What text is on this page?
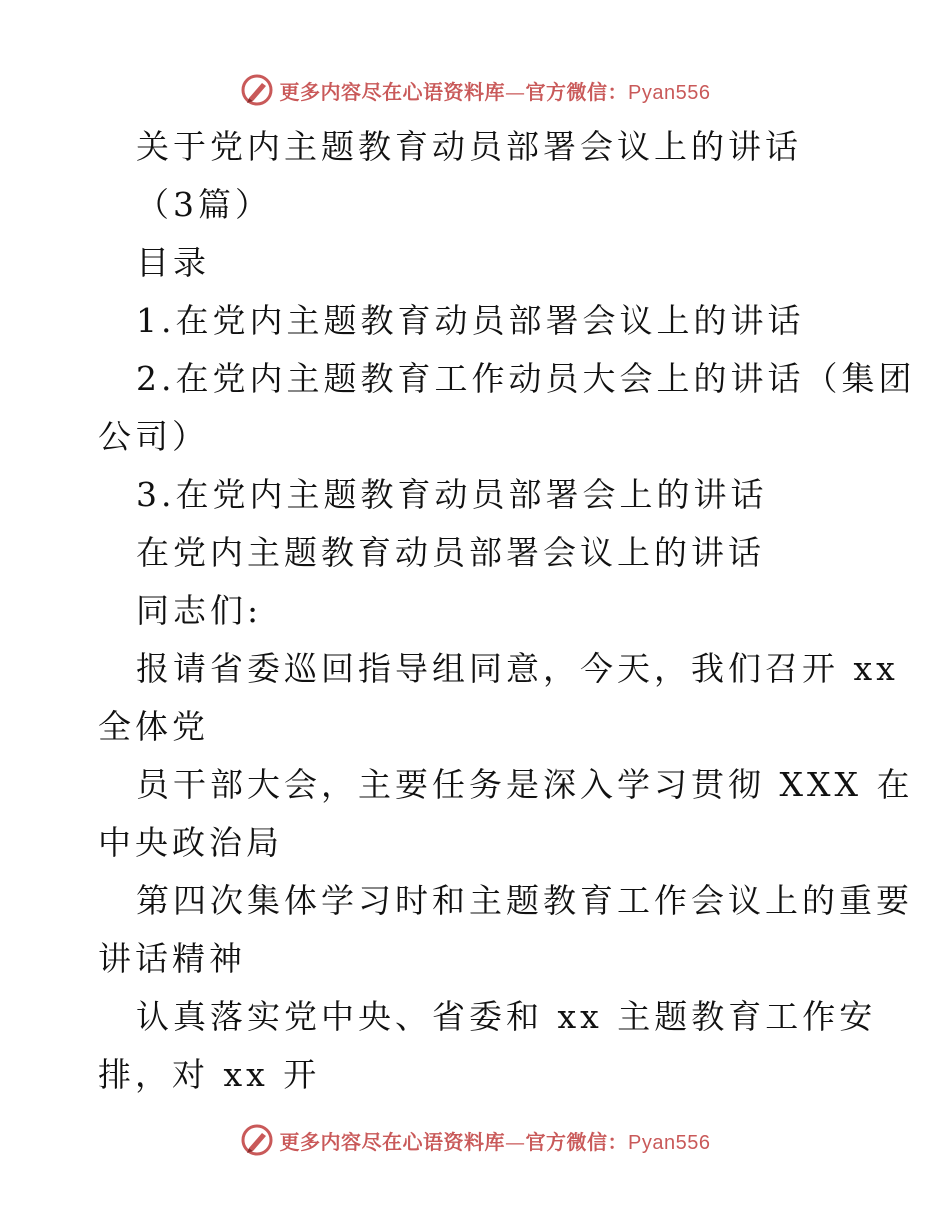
更多内容尽在心语资料库—官方微信：Pyan556
关于党内主题教育动员部署会议上的讲话
（3篇）
目录
1.在党内主题教育动员部署会议上的讲话
2.在党内主题教育工作动员大会上的讲话（集团
公司）
3.在党内主题教育动员部署会上的讲话
在党内主题教育动员部署会议上的讲话
同志们:
报请省委巡回指导组同意，今天，我们召开 xx
全体党
员干部大会，主要任务是深入学习贯彻 XXX 在
中央政治局
第四次集体学习时和主题教育工作会议上的重要
讲话精神
认真落实党中央、省委和 xx 主题教育工作安
排，对 xx 开
更多内容尽在心语资料库—官方微信：Pyan556
